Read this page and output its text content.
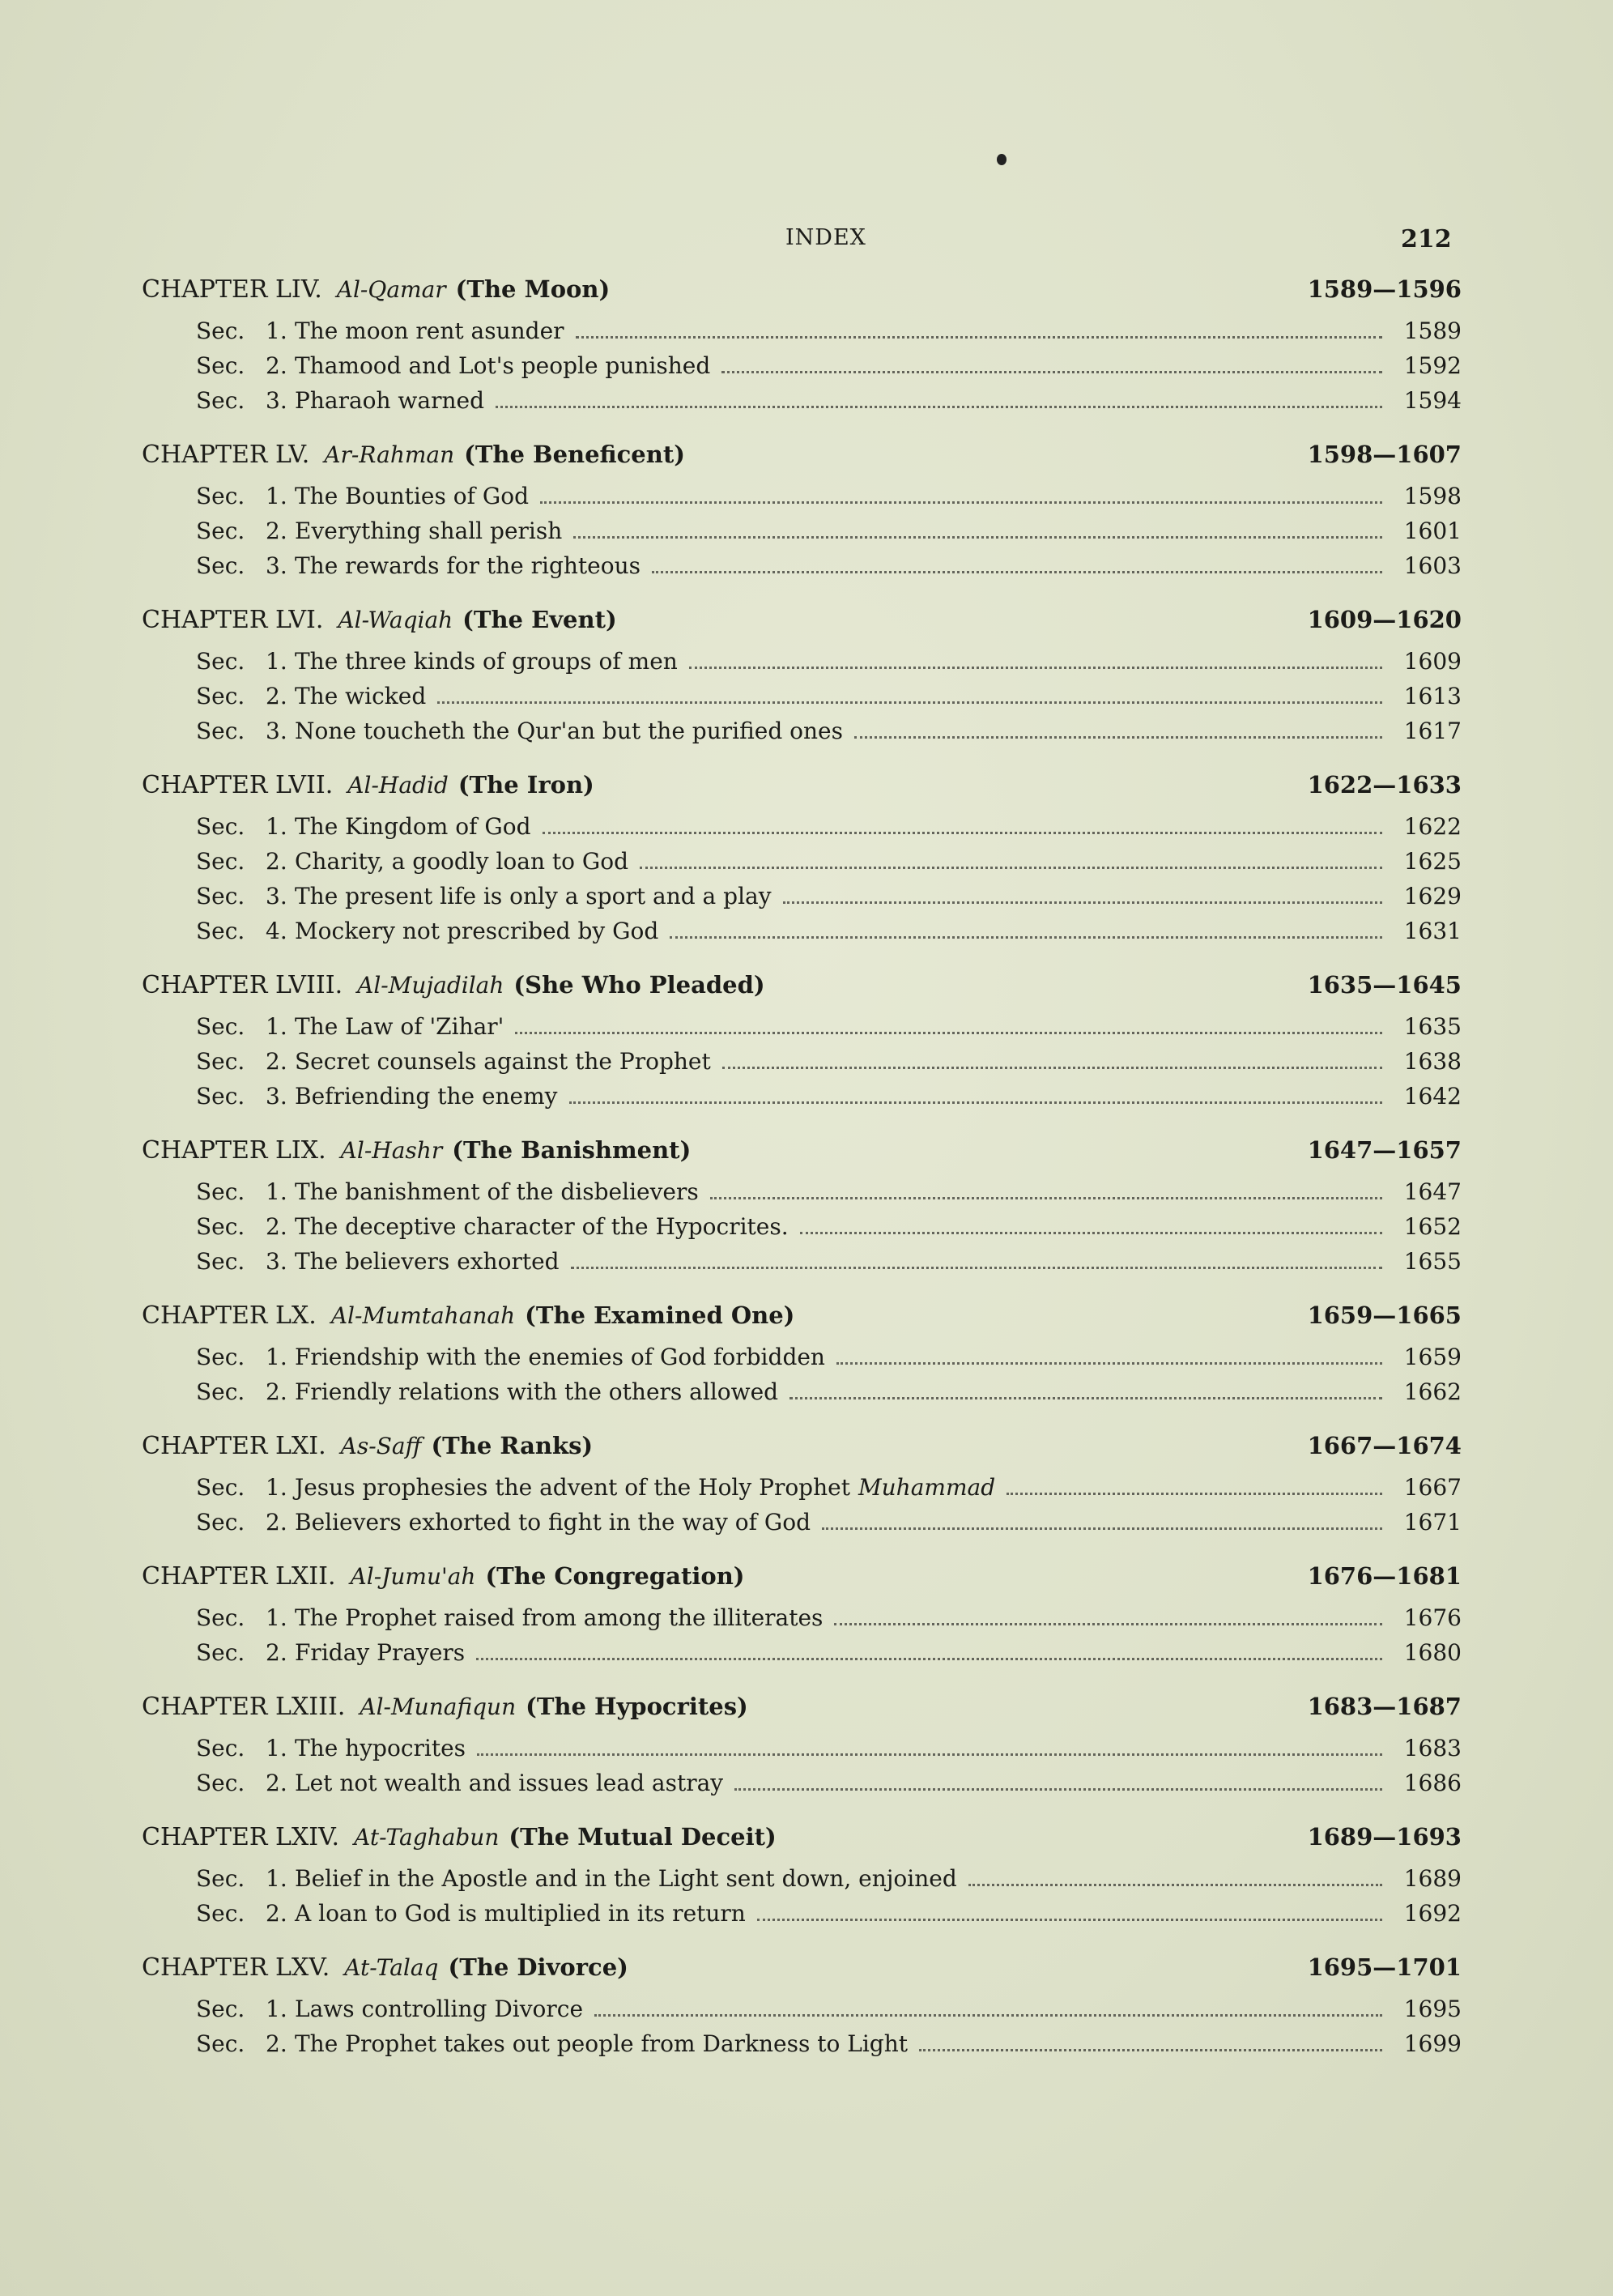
INDEX	212
CHAPTER LIV. Al-Qamar (The Moon)	1589—1596
Sec. 1. The moon rent asunder	1589
Sec. 2. Thamood and Lot's people punished	1592
Sec. 3. Pharaoh warned	1594
CHAPTER LV. Ar-Rahman (The Beneficent)	1598—1607
Sec. 1. The Bounties of God	1598
Sec. 2. Everything shall perish	1601
Sec. 3. The rewards for the righteous	1603
CHAPTER LVI. Al-Waqiah (The Event)	1609—1620
Sec. 1. The three kinds of groups of men	1609
Sec. 2. The wicked	1613
Sec. 3. None toucheth the Qur'an but the purified ones	1617
CHAPTER LVII. Al-Hadid (The Iron)	1622—1633
Sec. 1. The Kingdom of God	1622
Sec. 2. Charity, a goodly loan to God	1625
Sec. 3. The present life is only a sport and a play	1629
Sec. 4. Mockery not prescribed by God	1631
CHAPTER LVIII. Al-Mujadilah (She Who Pleaded)	1635—1645
Sec. 1. The Law of 'Zihar'	1635
Sec. 2. Secret counsels against the Prophet	1638
Sec. 3. Befriending the enemy	1642
CHAPTER LIX. Al-Hashr (The Banishment)	1647—1657
Sec. 1. The banishment of the disbelievers	1647
Sec. 2. The deceptive character of the Hypocrites.	1652
Sec. 3. The believers exhorted	1655
CHAPTER LX. Al-Mumtahanah (The Examined One)	1659—1665
Sec. 1. Friendship with the enemies of God forbidden	1659
Sec. 2. Friendly relations with the others allowed	1662
CHAPTER LXI. As-Saff (The Ranks)	1667—1674
Sec. 1. Jesus prophesies the advent of the Holy Prophet Muhammad	1667
Sec. 2. Believers exhorted to fight in the way of God	1671
CHAPTER LXII. Al-Jumu'ah (The Congregation)	1676—1681
Sec. 1. The Prophet raised from among the illiterates	1676
Sec. 2. Friday Prayers	1680
CHAPTER LXIII. Al-Munafiqun (The Hypocrites)	1683—1687
Sec. 1. The hypocrites	1683
Sec. 2. Let not wealth and issues lead astray	1686
CHAPTER LXIV. At-Taghabun (The Mutual Deceit)	1689—1693
Sec. 1. Belief in the Apostle and in the Light sent down, enjoined	1689
Sec. 2. A loan to God is multiplied in its return	1692
CHAPTER LXV. At-Talaq (The Divorce)	1695—1701
Sec. 1. Laws controlling Divorce	1695
Sec. 2. The Prophet takes out people from Darkness to Light	1699
